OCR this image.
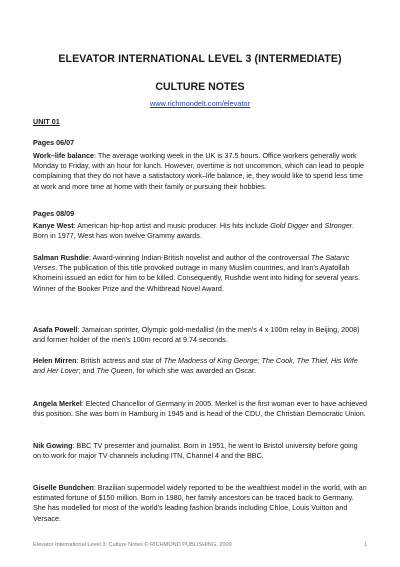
ELEVATOR INTERNATIONAL LEVEL 3 (INTERMEDIATE)
CULTURE NOTES
www.richmondelt.com/elevator
UNIT 01
Pages 06/07
Work–life balance: The average working week in the UK is 37.5 hours. Office workers generally work Monday to Friday, with an hour for lunch. However, overtime is not uncommon, which can lead to people complaining that they do not have a satisfactory work–life balance, ie, they would like to spend less time at work and more time at home with their family or pursuing their hobbies.
Pages 08/09
Kanye West: American hip-hop artist and music producer. His hits include Gold Digger and Stronger. Born in 1977, West has won twelve Grammy awards.
Salman Rushdie: Award-winning Indian-British novelist and author of the controversial The Satanic Verses. The publication of this title provoked outrage in many Muslim countries, and Iran's Ayatollah Khomeini issued an edict for him to be killed. Consequently, Rushdie went into hiding for several years. Winner of the Booker Prize and the Whitbread Novel Award.
Asafa Powell: Jamaican sprinter, Olympic gold-medallist (in the men's 4 x 100m relay in Beijing, 2008) and former holder of the men's 100m record at 9.74 seconds.
Helen Mirren: British actress and star of The Madness of King George; The Cook, The Thief, His Wife and Her Lover; and The Queen, for which she was awarded an Oscar.
Angela Merkel: Elected Chancellor of Germany in 2005. Merkel is the first woman ever to have achieved this position. She was born in Hamburg in 1945 and is head of the CDU, the Christian Democratic Union.
Nik Gowing: BBC TV presenter and journalist. Born in 1951, he went to Bristol university before going on to work for major TV channels including ITN, Channel 4 and the BBC.
Giselle Bundchen: Brazilian supermodel widely reported to be the wealthiest model in the world, with an estimated fortune of $150 million. Born in 1980, her family ancestors can be traced back to Germany. She has modelled for most of the world's leading fashion brands including Chloe, Louis Vuitton and Versace.
Elevator International Level 3: Culture Notes © RICHMOND PUBLISHING, 2009	1
